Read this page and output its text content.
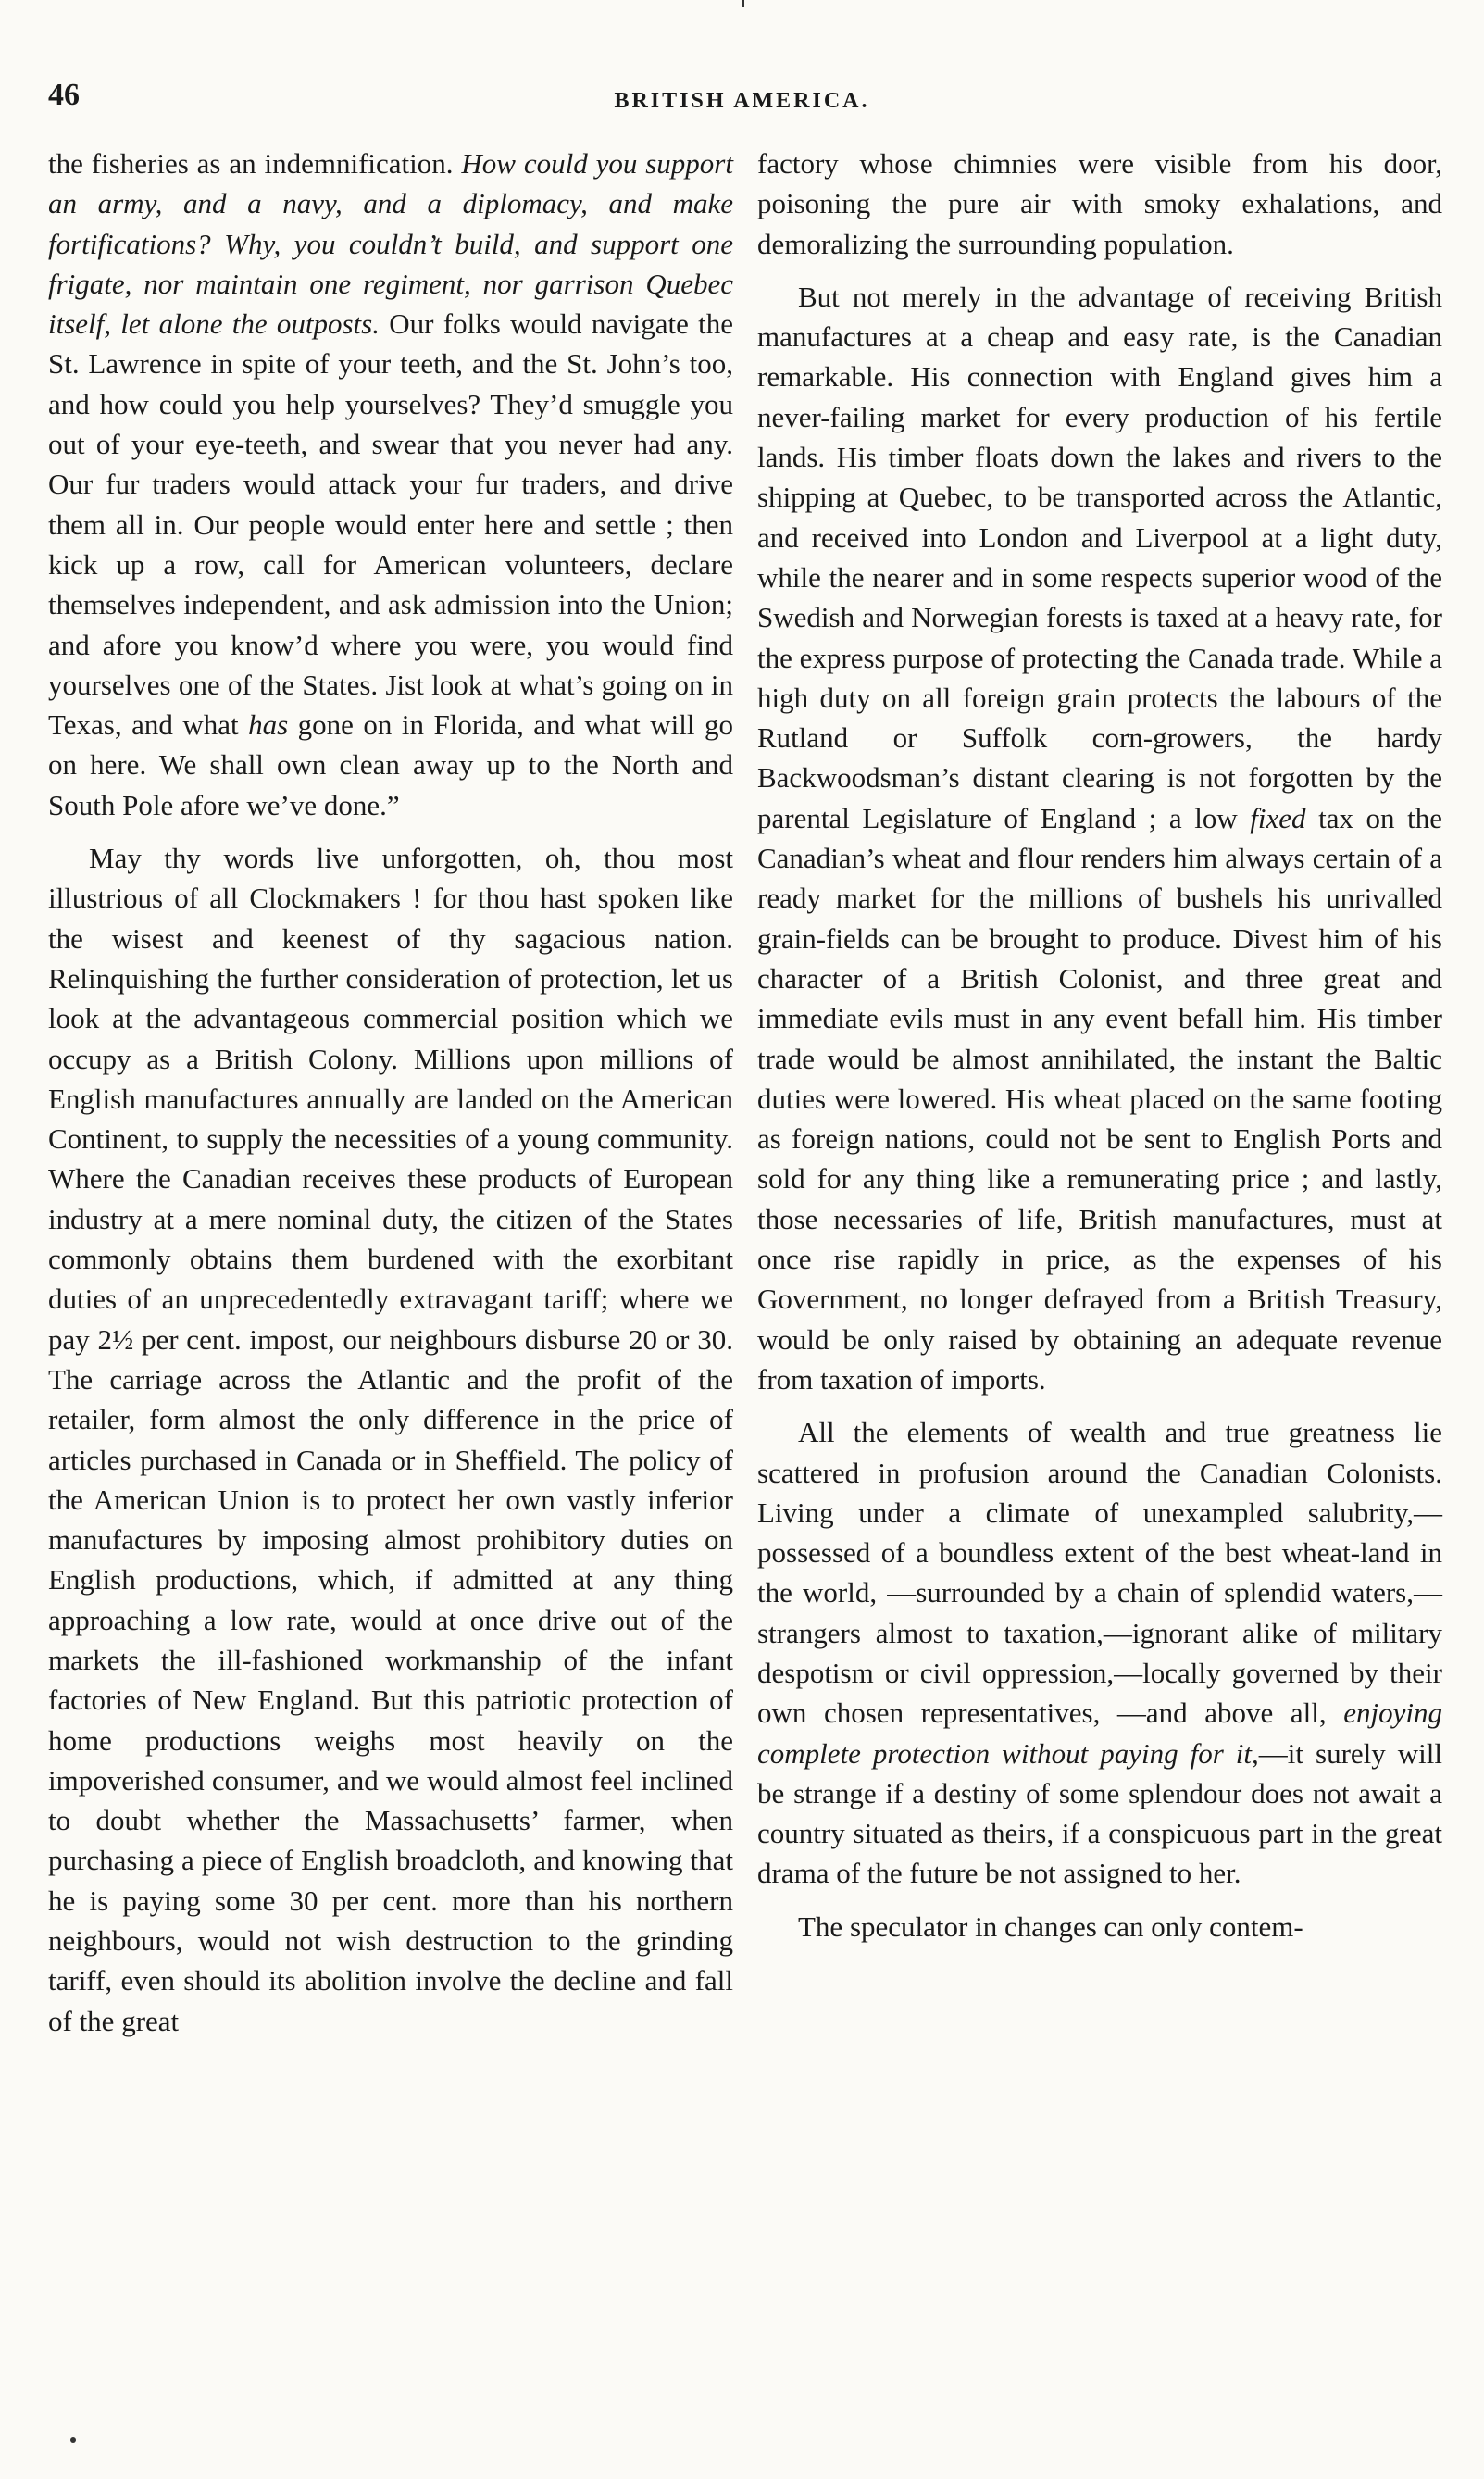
46	BRITISH AMERICA.

the fisheries as an indemnification. How could you support an army, and a navy, and a diplomacy, and make fortifications? Why, you couldn’t build, and support one frigate, nor maintain one regiment, nor garrison Quebec itself, let alone the outposts. Our folks would navigate the St. Lawrence in spite of your teeth, and the St. John’s too, and how could you help yourselves? They’d smuggle you out of your eye-teeth, and swear that you never had any. Our fur traders would attack your fur traders, and drive them all in. Our people would enter here and settle ; then kick up a row, call for American volunteers, declare themselves independent, and ask admission into the Union; and afore you know’d where you were, you would find yourselves one of the States. Jist look at what’s going on in Texas, and what has gone on in Florida, and what will go on here. We shall own clean away up to the North and South Pole afore we’ve done.”

May thy words live unforgotten, oh, thou most illustrious of all Clockmakers ! for thou hast spoken like the wisest and keenest of thy sagacious nation. Relinquishing the further consideration of protection, let us look at the advantageous commercial position which we occupy as a British Colony. Millions upon millions of English manufactures annually are landed on the American Continent, to supply the necessities of a young community. Where the Canadian receives these products of European industry at a mere nominal duty, the citizen of the States commonly obtains them burdened with the exorbitant duties of an unprecedentedly extravagant tariff; where we pay 2½ per cent. impost, our neighbours disburse 20 or 30. The carriage across the Atlantic and the profit of the retailer, form almost the only difference in the price of articles purchased in Canada or in Sheffield. The policy of the American Union is to protect her own vastly inferior manufactures by imposing almost prohibitory duties on English productions, which, if admitted at any thing approaching a low rate, would at once drive out of the markets the ill-fashioned workmanship of the infant factories of New England. But this patriotic protection of home productions weighs most heavily on the impoverished consumer, and we would almost feel inclined to doubt whether the Massachusetts’ farmer, when purchasing a piece of English broadcloth, and knowing that he is paying some 30 per cent. more than his northern neighbours, would not wish destruction to the grinding tariff, even should its abolition involve the decline and fall of the great

factory whose chimnies were visible from his door, poisoning the pure air with smoky exhalations, and demoralizing the surrounding population.

But not merely in the advantage of receiving British manufactures at a cheap and easy rate, is the Canadian remarkable. His connection with England gives him a never-failing market for every production of his fertile lands. His timber floats down the lakes and rivers to the shipping at Quebec, to be transported across the Atlantic, and received into London and Liverpool at a light duty, while the nearer and in some respects superior wood of the Swedish and Norwegian forests is taxed at a heavy rate, for the express purpose of protecting the Canada trade. While a high duty on all foreign grain protects the labours of the Rutland or Suffolk corn-growers, the hardy Backwoodsman’s distant clearing is not forgotten by the parental Legislature of England ; a low fixed tax on the Canadian’s wheat and flour renders him always certain of a ready market for the millions of bushels his unrivalled grain-fields can be brought to produce. Divest him of his character of a British Colonist, and three great and immediate evils must in any event befall him. His timber trade would be almost annihilated, the instant the Baltic duties were lowered. His wheat placed on the same footing as foreign nations, could not be sent to English Ports and sold for any thing like a remunerating price ; and lastly, those necessaries of life, British manufactures, must at once rise rapidly in price, as the expenses of his Government, no longer defrayed from a British Treasury, would be only raised by obtaining an adequate revenue from taxation of imports.

All the elements of wealth and true greatness lie scattered in profusion around the Canadian Colonists. Living under a climate of unexampled salubrity,—possessed of a boundless extent of the best wheat-land in the world, —surrounded by a chain of splendid waters,—strangers almost to taxation,—ignorant alike of military despotism or civil oppression,—locally governed by their own chosen representatives, —and above all, enjoying complete protection without paying for it,—it surely will be strange if a destiny of some splendour does not await a country situated as theirs, if a conspicuous part in the great drama of the future be not assigned to her.

The speculator in changes can only contem-
